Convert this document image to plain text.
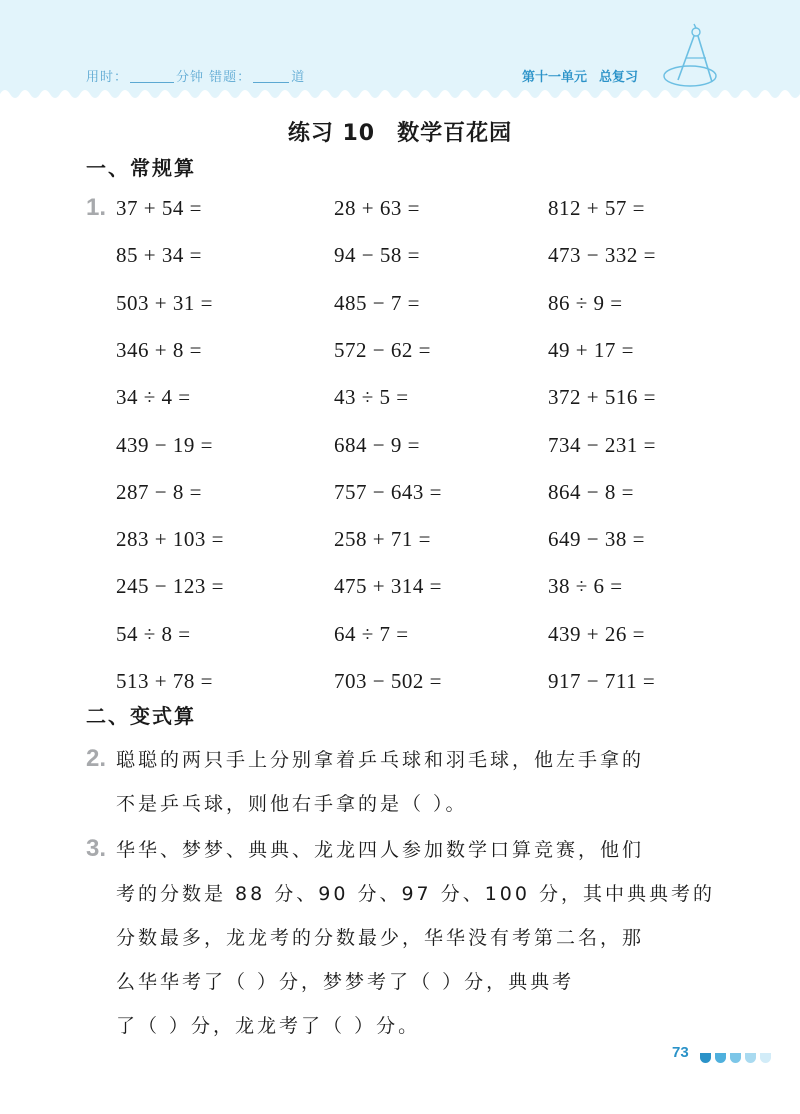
用时：	分钟 错题：	道	第十一单元 总复习
练习 10 数学百花园
一、常规算
1. 37 + 54 =	28 + 63 =	812 + 57 =
85 + 34 =	94 − 58 =	473 − 332 =
503 + 31 =	485 − 7 =	86 ÷ 9 =
346 + 8 =	572 − 62 =	49 + 17 =
34 ÷ 4 =	43 ÷ 5 =	372 + 516 =
439 − 19 =	684 − 9 =	734 − 231 =
287 − 8 =	757 − 643 =	864 − 8 =
283 + 103 =	258 + 71 =	649 − 38 =
245 − 123 =	475 + 314 =	38 ÷ 6 =
54 ÷ 8 =	64 ÷ 7 =	439 + 26 =
513 + 78 =	703 − 502 =	917 − 711 =
二、变式算
2. 聪聪的两只手上分别拿着乒乓球和羽毛球，他左手拿的
不是乒乓球，则他右手拿的是（ ）。
3. 华华、梦梦、典典、龙龙四人参加数学口算竞赛，他们
考的分数是 88 分、90 分、97 分、100 分，其中典典考的
分数最多，龙龙考的分数最少，华华没有考第二名，那
么华华考了（ ）分，梦梦考了（ ）分，典典考
了（ ）分，龙龙考了（ ）分。
73
